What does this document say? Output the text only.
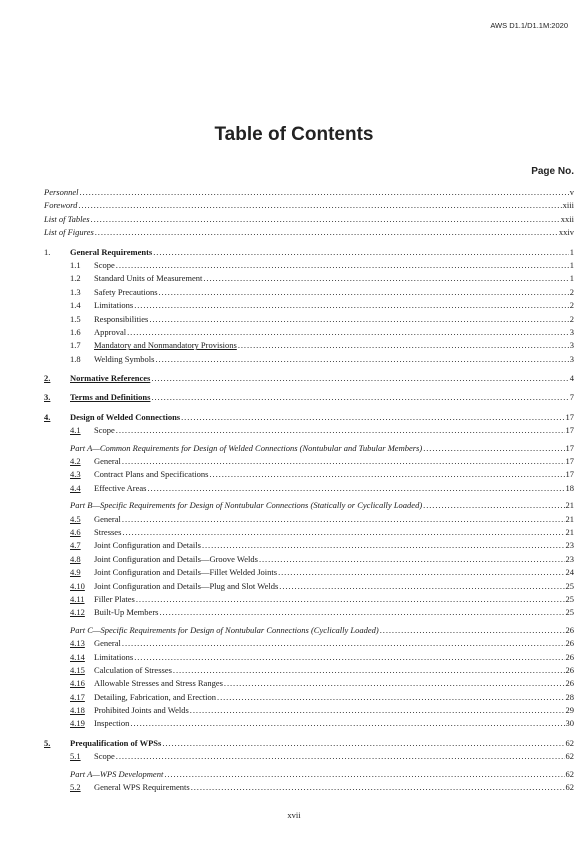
AWS D1.1/D1.1M:2020
Table of Contents
Page No.
Personnel . . .	v
Foreword . . .	xiii
List of Tables . . .	xxii
List of Figures . . .	xxiv
1.	General Requirements . . .	1
1.1	Scope . . .	1
1.2	Standard Units of Measurement . . .	1
1.3	Safety Precautions . . .	2
1.4	Limitations . . .	2
1.5	Responsibilities . . .	2
1.6	Approval . . .	3
1.7	Mandatory and Nonmandatory Provisions . . .	3
1.8	Welding Symbols . . .	3
2.	Normative References . . .	4
3.	Terms and Definitions . . .	7
4.	Design of Welded Connections . . .	17
4.1	Scope . . .	17
Part A—Common Requirements for Design of Welded Connections (Nontubular and Tubular Members) . . .	17
4.2	General . . .	17
4.3	Contract Plans and Specifications . . .	17
4.4	Effective Areas . . .	18
Part B—Specific Requirements for Design of Nontubular Connections (Statically or Cyclically Loaded) . . .	21
4.5	General . . .	21
4.6	Stresses . . .	21
4.7	Joint Configuration and Details . . .	23
4.8	Joint Configuration and Details—Groove Welds . . .	23
4.9	Joint Configuration and Details—Fillet Welded Joints . . .	24
4.10	Joint Configuration and Details—Plug and Slot Welds . . .	25
4.11	Filler Plates . . .	25
4.12	Built-Up Members . . .	25
Part C—Specific Requirements for Design of Nontubular Connections (Cyclically Loaded) . . .	26
4.13	General . . .	26
4.14	Limitations . . .	26
4.15	Calculation of Stresses . . .	26
4.16	Allowable Stresses and Stress Ranges . . .	26
4.17	Detailing, Fabrication, and Erection . . .	28
4.18	Prohibited Joints and Welds . . .	29
4.19	Inspection . . .	30
5.	Prequalification of WPSs . . .	62
5.1	Scope . . .	62
Part A—WPS Development . . .	62
5.2	General WPS Requirements . . .	62
xvii
